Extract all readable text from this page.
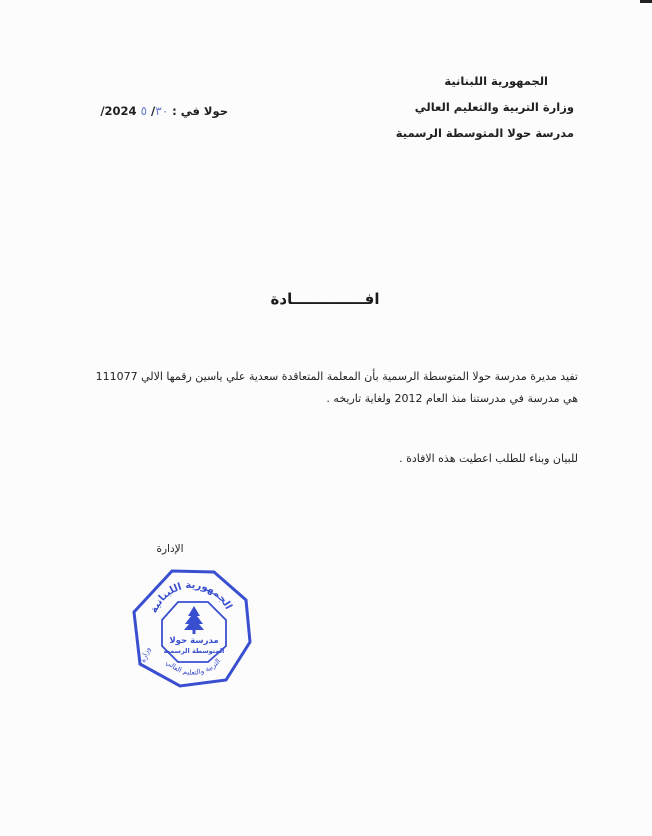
الجمهورية اللبنانية
وزارة التربية والتعليم العالي
مدرسة حولا المتوسطة الرسمية
حولا في : ٣٠/ ٥ 2024/
افــــــــــــــادة
تفيد مديرة مدرسة حولا المتوسطة الرسمية بأن المعلمة المتعاقدة سعدية علي ياسين رقمها الالي 111077
هي مدرسة في مدرستنا منذ العام 2012 ولغاية تاريخه .
للبيان وبناء للطلب اعطيت هذه الافادة .
الإدارة
الجمهورية اللبنانية
التربية والتعليم العالي
وزارة
مدرسة حولا
المتوسطة الرسمية
